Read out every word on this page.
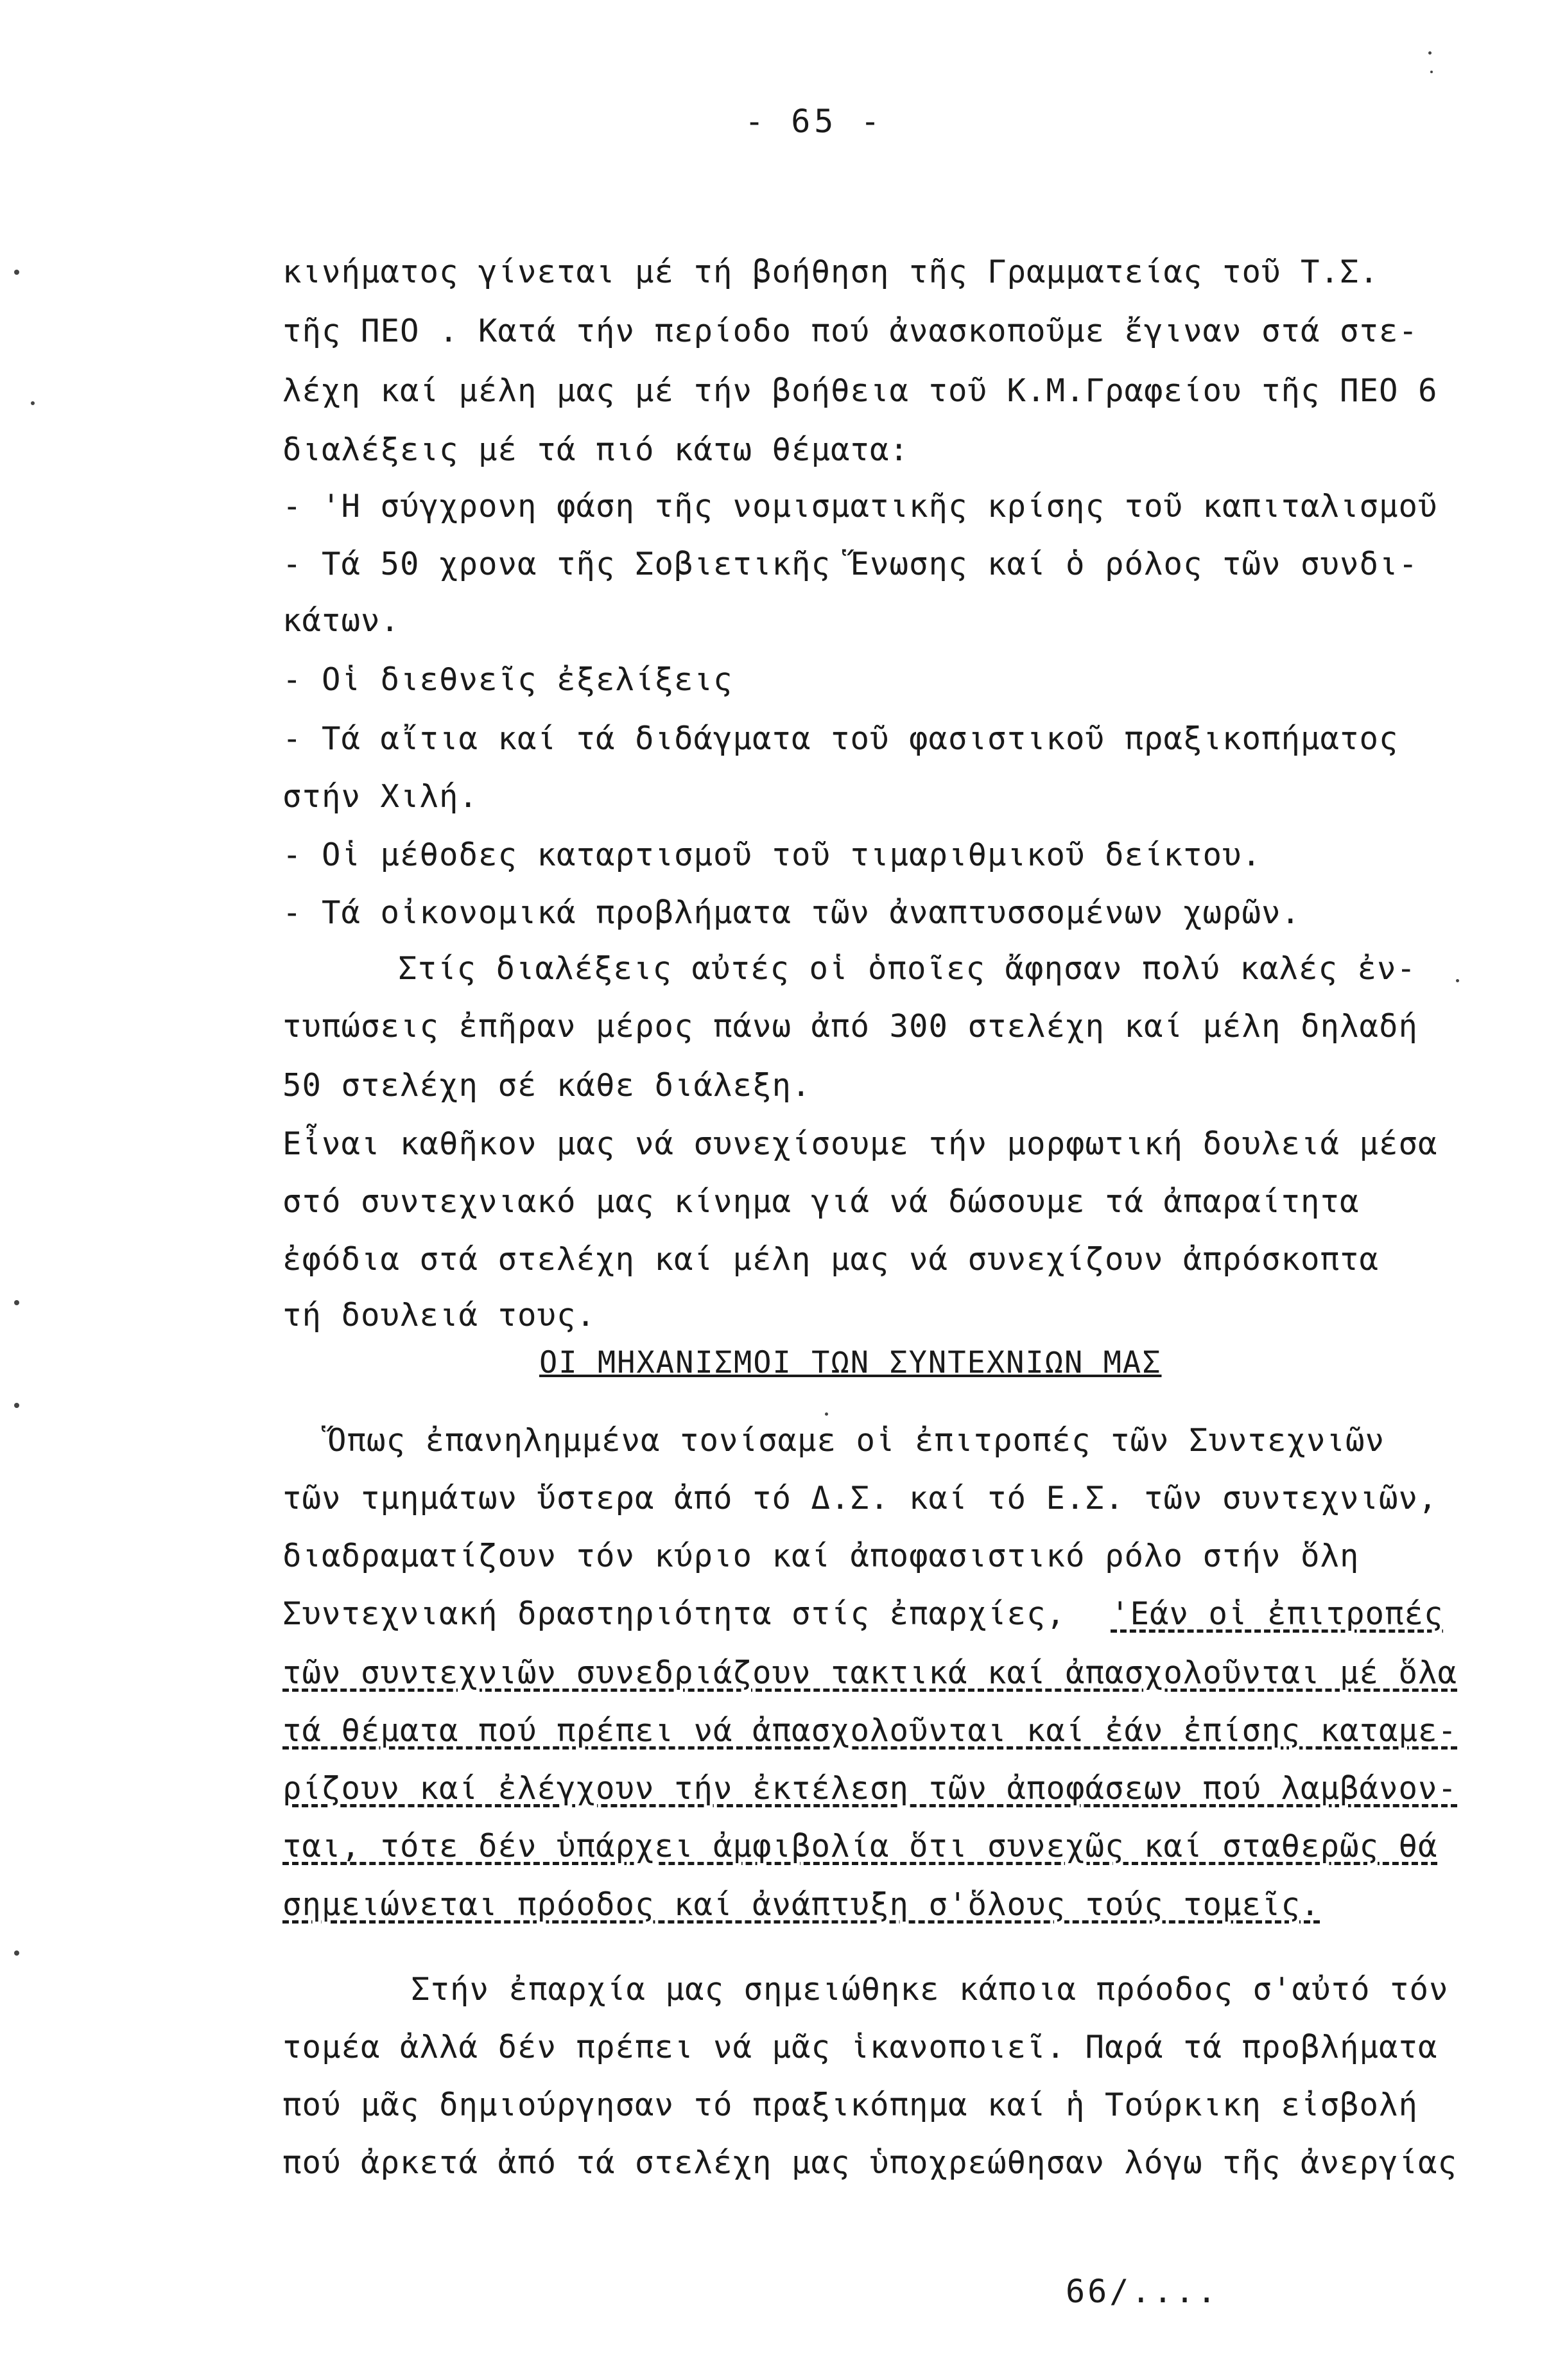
- 65 -
κινήματος γίνεται μέ τή βοήθηση τῆς Γραμματείας τοῦ Τ.Σ.
τῆς ΠΕΟ . Κατά τήν περίοδο πού ἀνασκοποῦμε ἔγιναν στά στε-
λέχη καί μέλη μας μέ τήν βοήθεια τοῦ Κ.Μ.Γραφείου τῆς ΠΕΟ 6
διαλέξεις μέ τά πιό κάτω θέματα:
- 'Η σύγχρονη φάση τῆς νομισματικῆς κρίσης τοῦ καπιταλισμοῦ
- Τά 50 χρονα τῆς Σοβιετικῆς Ἕνωσης καί ὁ ρόλος τῶν συνδι-
κάτων.
- Οἱ διεθνεῖς ἐξελίξεις
- Τά αἴτια καί τά διδάγματα τοῦ φασιστικοῦ πραξικοπήματος
στήν Χιλή.
- Οἱ μέθοδες καταρτισμοῦ τοῦ τιμαριθμικοῦ δείκτου.
- Τά οἰκονομικά προβλήματα τῶν ἀναπτυσσομένων χωρῶν.
Στίς διαλέξεις αὐτές οἱ ὁποῖες ἄφησαν πολύ καλές ἐν-
τυπώσεις ἐπῆραν μέρος πάνω ἀπό 300 στελέχη καί μέλη δηλαδή
50 στελέχη σέ κάθε διάλεξη.
Εἶναι καθῆκον μας νά συνεχίσουμε τήν μορφωτική δουλειά μέσα
στό συντεχνιακό μας κίνημα γιά νά δώσουμε τά ἀπαραίτητα
ἐφόδια στά στελέχη καί μέλη μας νά συνεχίζουν ἀπρόσκοπτα
τή δουλειά τους.
ΟΙ ΜΗΧΑΝΙΣΜΟΙ ΤΩΝ ΣΥΝΤΕΧΝΙΩΝ ΜΑΣ
Ὅπως ἐπανηλημμένα τονίσαμε οἱ ἐπιτροπές τῶν Συντεχνιῶν
τῶν τμημάτων ὕστερα ἀπό τό Δ.Σ. καί τό Ε.Σ. τῶν συντεχνιῶν,
διαδραματίζουν τόν κύριο καί ἀποφασιστικό ρόλο στήν ὅλη
Συντεχνιακή δραστηριότητα στίς ἐπαρχίες, 'Εάν οἱ ἐπιτροπές
τῶν συντεχνιῶν συνεδριάζουν τακτικά καί ἀπασχολοῦνται μέ ὅλα
τά θέματα πού πρέπει νά ἀπασχολοῦνται καί ἐάν ἐπίσης καταμε-
ρίζουν καί ἐλέγχουν τήν ἐκτέλεση τῶν ἀποφάσεων πού λαμβάνον-
ται, τότε δέν ὑπάρχει ἀμφιβολία ὅτι συνεχῶς καί σταθερῶς θά
σημειώνεται πρόοδος καί ἀνάπτυξη σ'ὅλους τούς τομεῖς.
Στήν ἐπαρχία μας σημειώθηκε κάποια πρόοδος σ'αὐτό τόν
τομέα ἀλλά δέν πρέπει νά μᾶς ἱκανοποιεῖ. Παρά τά προβλήματα
πού μᾶς δημιούργησαν τό πραξικόπημα καί ἡ Τούρκικη εἰσβολή
πού ἀρκετά ἀπό τά στελέχη μας ὑποχρεώθησαν λόγω τῆς ἀνεργίας
66/....
